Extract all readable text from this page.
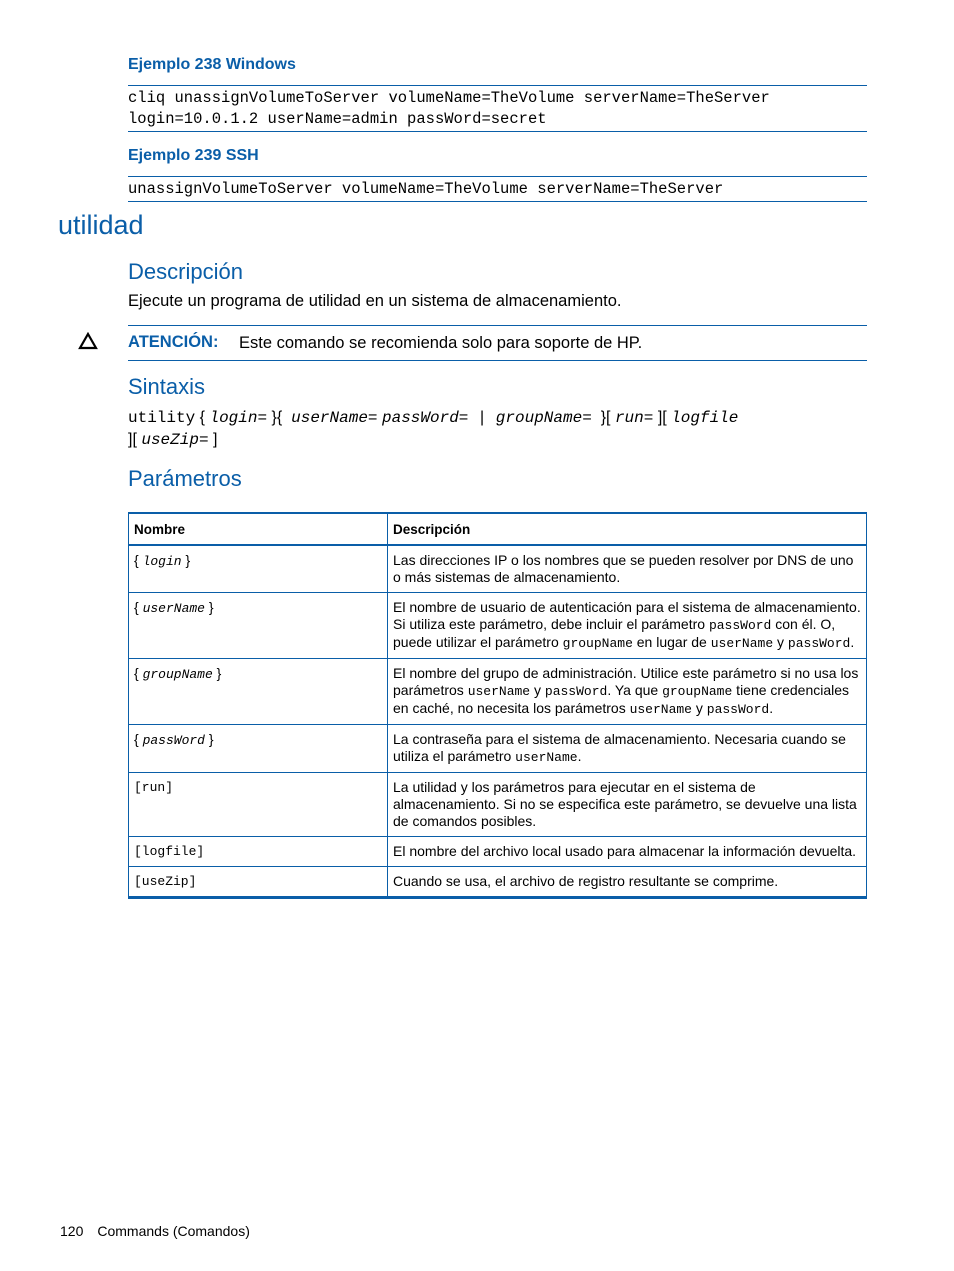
Ejemplo 238 Windows
cliq unassignVolumeToServer volumeName=TheVolume serverName=TheServer
login=10.0.1.2 userName=admin passWord=secret
Ejemplo 239 SSH
unassignVolumeToServer volumeName=TheVolume serverName=TheServer
utilidad
Descripción
Ejecute un programa de utilidad en un sistema de almacenamiento.
ATENCIÓN: Este comando se recomienda solo para soporte de HP.
Sintaxis
utility { login= }{ userName= passWord= | groupName= }[ run= ][ logfile
][ useZip= ]
Parámetros
Nombre	Descripción
{ login }	Las direcciones IP o los nombres que se pueden resolver por DNS de uno o más sistemas de almacenamiento.
{ userName }	El nombre de usuario de autenticación para el sistema de almacenamiento. Si utiliza este parámetro, debe incluir el parámetro passWord con él. O, puede utilizar el parámetro groupName en lugar de userName y passWord.
{ groupName }	El nombre del grupo de administración. Utilice este parámetro si no usa los parámetros userName y passWord. Ya que groupName tiene credenciales en caché, no necesita los parámetros userName y passWord.
{ passWord }	La contraseña para el sistema de almacenamiento. Necesaria cuando se utiliza el parámetro userName.
[run]	La utilidad y los parámetros para ejecutar en el sistema de almacenamiento. Si no se especifica este parámetro, se devuelve una lista de comandos posibles.
[logfile]	El nombre del archivo local usado para almacenar la información devuelta.
[useZip]	Cuando se usa, el archivo de registro resultante se comprime.
120 Commands (Comandos)
